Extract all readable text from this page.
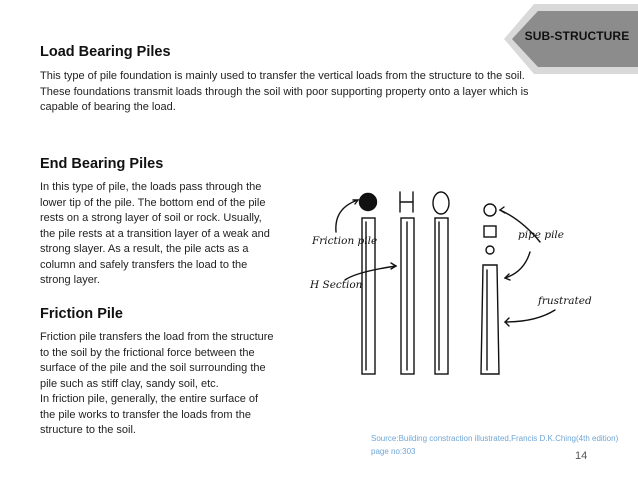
SUB-STRUCTURE
Load Bearing Piles
This type of pile foundation is mainly used to transfer the vertical loads from the structure to the soil.
These foundations transmit loads through the soil with poor supporting property onto a layer which is
capable of bearing the load.
End Bearing Piles
In this type of pile, the loads pass through the
lower tip of the pile. The bottom end of the pile
rests on a strong layer of soil or rock. Usually,
the pile rests at a transition layer of a weak and
strong slayer. As a result, the pile acts as a
column and safely transfers the load to the
strong layer.
Friction Pile
Friction pile transfers the load from the structure
to the soil by the frictional force between the
surface of the pile and the soil surrounding the
pile such as stiff clay, sandy soil, etc.
In friction pile, generally, the entire surface of
the pile works to transfer the loads from the
structure to the soil.
Friction pile
H Section
pipe pile
frustrated
Source:Building constraction illustrated,Francis D.K.Ching(4th edition)
page no:303	14
